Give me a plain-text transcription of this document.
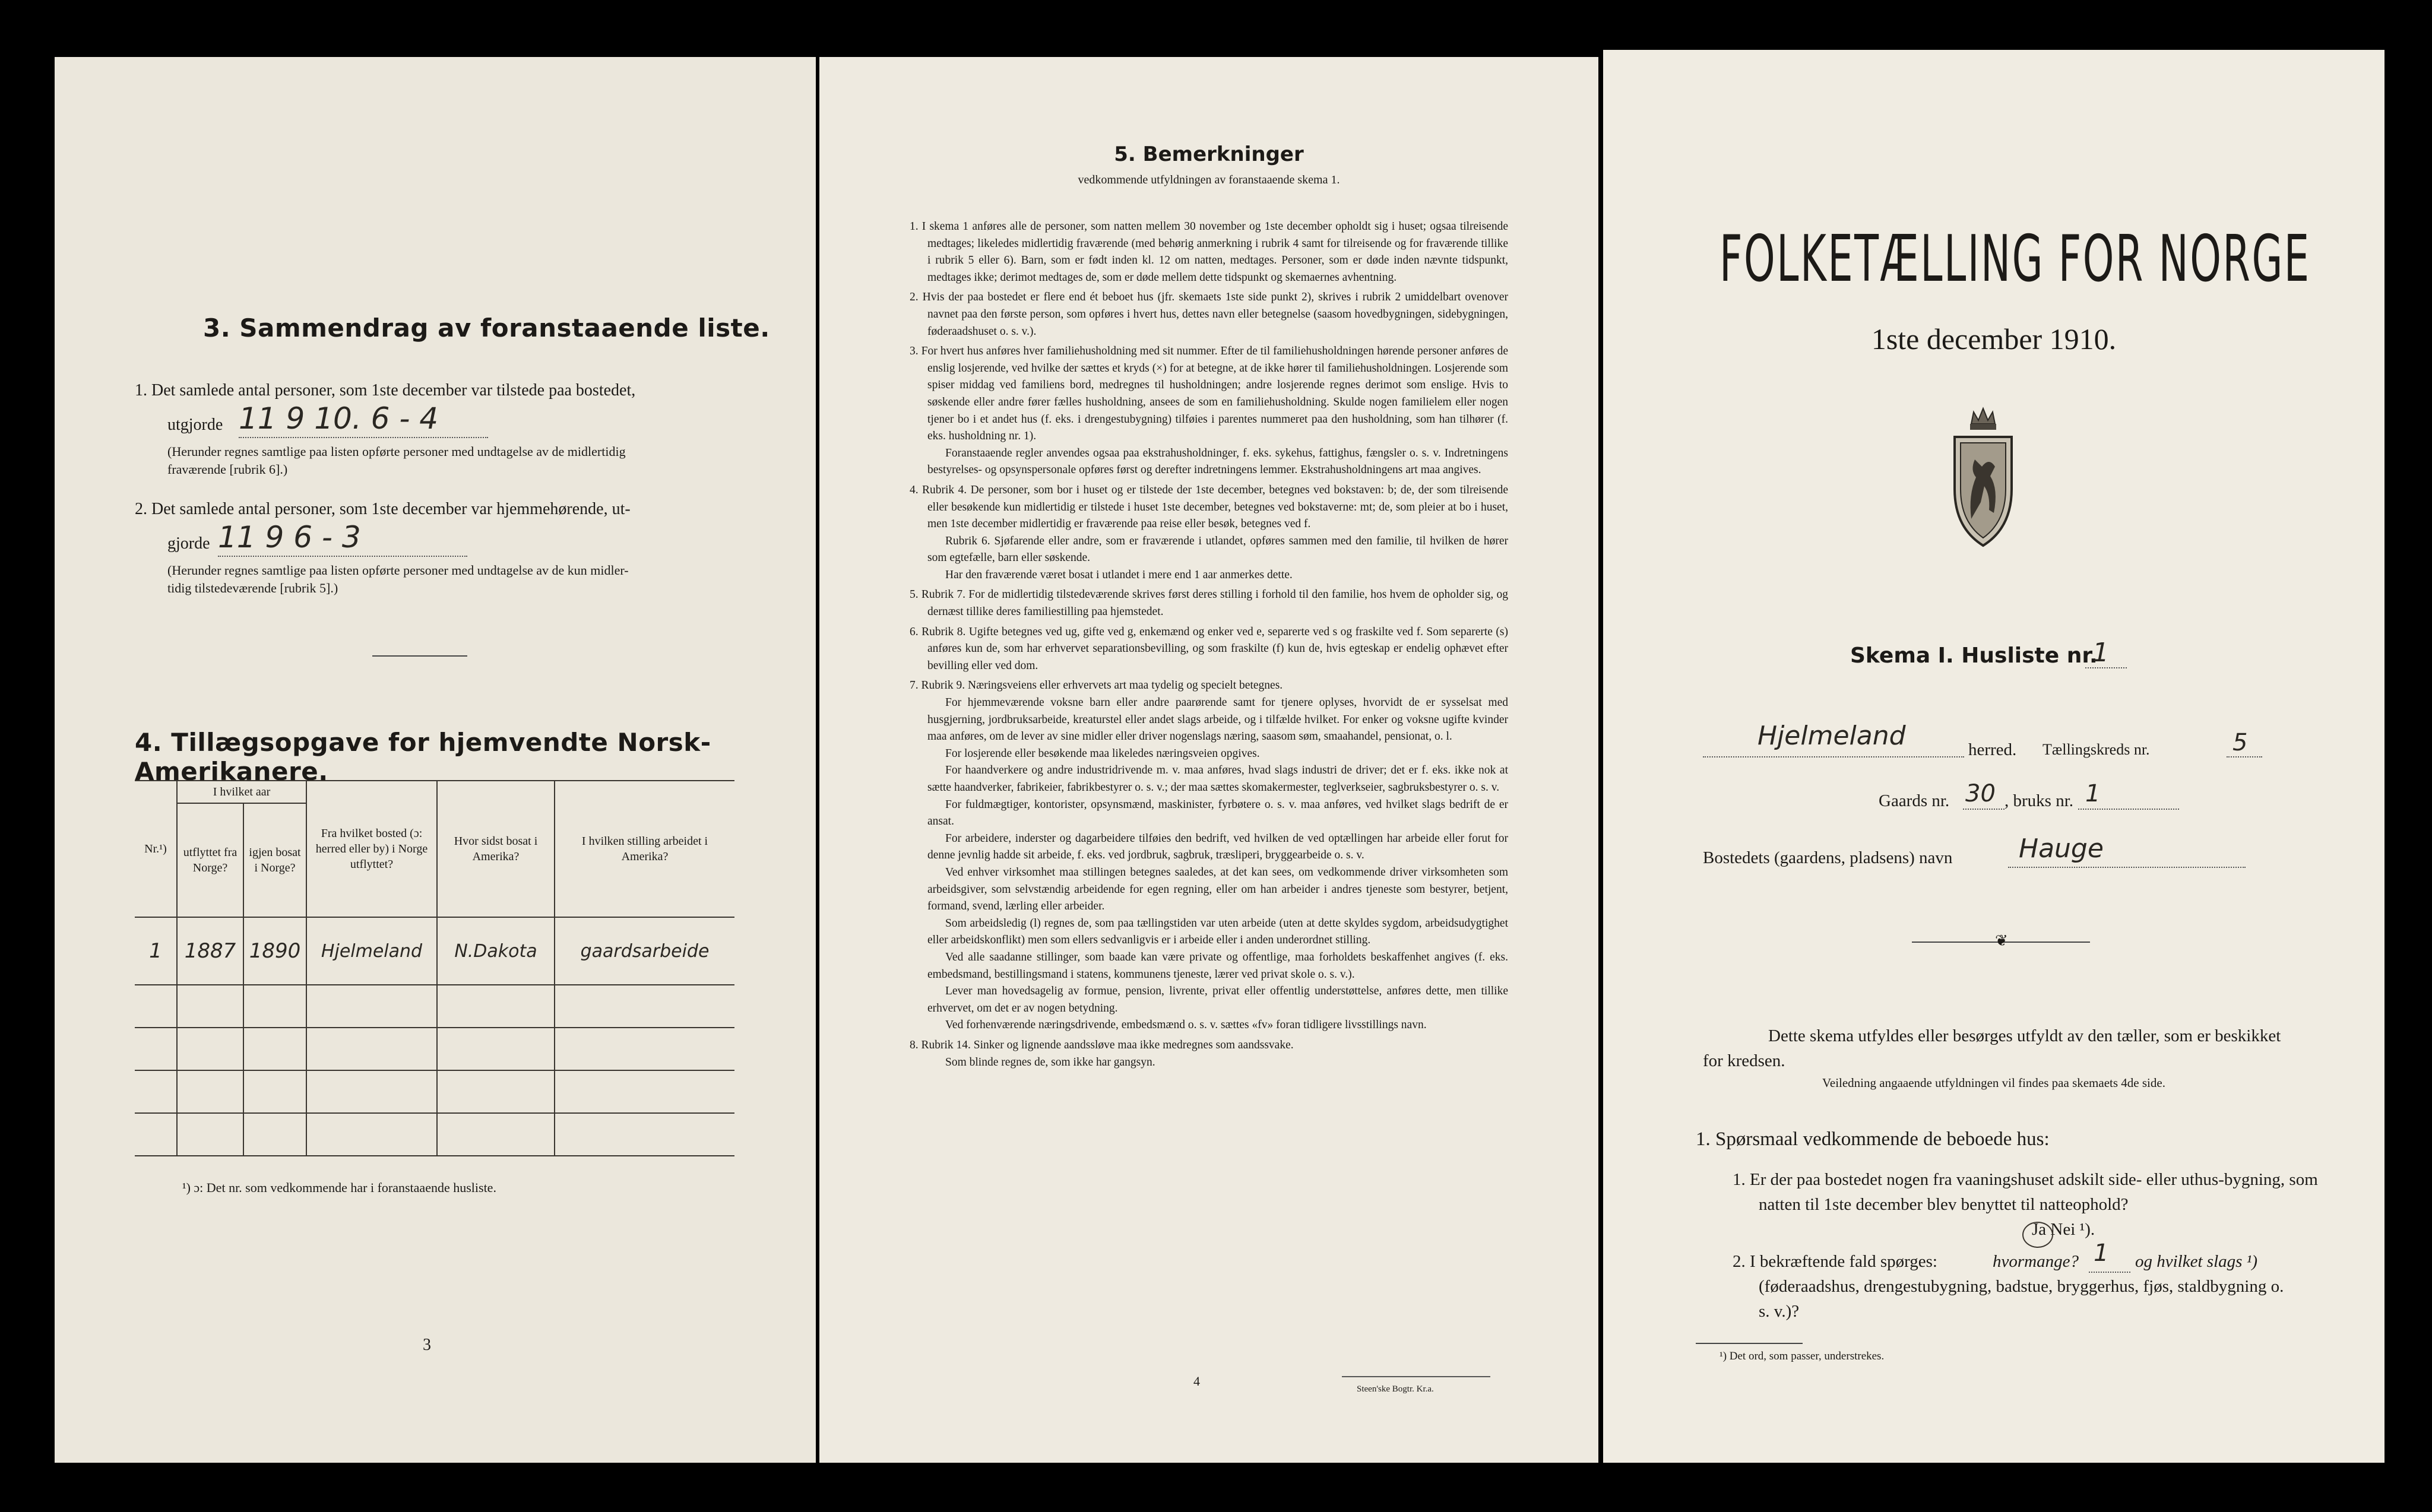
3. Sammendrag av foranstaaende liste.
1. Det samlede antal personer, som 1ste december var tilstede paa bostedet,
utgjorde 11 9 10. 6 - 4
(Herunder regnes samtlige paa listen opførte personer med undtagelse av de midlertidig
fraværende [rubrik 6].)
2. Det samlede antal personer, som 1ste december var hjemmehørende, ut-
gjorde 11 9 6 - 3
(Herunder regnes samtlige paa listen opførte personer med undtagelse av de kun midler-
tidig tilstedeværende [rubrik 5].)
4. Tillægsopgave for hjemvendte Norsk-Amerikanere.
Nr.¹)	I hvilket aar		Fra hvilket bosted (ɔ: herred eller by) i Norge utflyttet?	Hvor sidst bosat i Amerika?	I hvilken stilling arbeidet i Amerika?
	utflyttet fra Norge?	igjen bosat i Norge?			
1	1887	1890	Hjelmeland	N.Dakota	gaardsarbeide

¹) ɔ: Det nr. som vedkommende har i foranstaaende husliste.
3
5. Bemerkninger
vedkommende utfyldningen av foranstaaende skema 1.

1. I skema 1 anføres alle de personer, som natten mellem 30 november og 1ste december opholdt sig i huset; ogsaa tilreisende medtages; likeledes midlertidig fraværende (med behørig anmerkning i rubrik 4 samt for tilreisende og for fraværende tillike i rubrik 5 eller 6). Barn, som er født inden kl. 12 om natten, medtages. Personer, som er døde inden nævnte tidspunkt, medtages ikke; derimot medtages de, som er døde mellem dette tidspunkt og skemaernes avhentning.

2. Hvis der paa bostedet er flere end ét beboet hus (jfr. skemaets 1ste side punkt 2), skrives i rubrik 2 umiddelbart ovenover navnet paa den første person, som opføres i hvert hus, dettes navn eller betegnelse (saasom hovedbygningen, sidebygningen, føderaadshuset o. s. v.).

3. For hvert hus anføres hver familiehusholdning med sit nummer. Efter de til familiehusholdningen hørende personer anføres de enslig losjerende, ved hvilke der sættes et kryds (×) for at betegne, at de ikke hører til familiehusholdningen. Losjerende som spiser middag ved familiens bord, medregnes til husholdningen; andre losjerende regnes derimot som enslige. Hvis to søskende eller andre fører fælles husholdning, ansees de som en familiehusholdning. Skulde nogen familielem eller nogen tjener bo i et andet hus (f. eks. i drengestubygning) tilføies i parentes nummeret paa den husholdning, som han tilhører (f. eks. husholdning nr. 1).

Foranstaaende regler anvendes ogsaa paa ekstrahusholdninger, f. eks. sykehus, fattighus, fængsler o. s. v. Indretningens bestyrelses- og opsynspersonale opføres først og derefter indretningens lemmer. Ekstrahusholdningens art maa angives.

4. Rubrik 4. De personer, som bor i huset og er tilstede der 1ste december, betegnes ved bokstaven: b; de, der som tilreisende eller besøkende kun midlertidig er tilstede i huset 1ste december, betegnes ved bokstaverne: mt; de, som pleier at bo i huset, men 1ste december midlertidig er fraværende paa reise eller besøk, betegnes ved f.

Rubrik 6. Sjøfarende eller andre, som er fraværende i utlandet, opføres sammen med den familie, til hvilken de hører som egtefælle, barn eller søskende.

Har den fraværende været bosat i utlandet i mere end 1 aar anmerkes dette.

5. Rubrik 7. For de midlertidig tilstedeværende skrives først deres stilling i forhold til den familie, hos hvem de opholder sig, og dernæst tillike deres familiestilling paa hjemstedet.

6. Rubrik 8. Ugifte betegnes ved ug, gifte ved g, enkemænd og enker ved e, separerte ved s og fraskilte ved f. Som separerte (s) anføres kun de, som har erhvervet separationsbevilling, og som fraskilte (f) kun de, hvis egteskap er endelig ophævet efter bevilling eller ved dom.

7. Rubrik 9. Næringsveiens eller erhvervets art maa tydelig og specielt betegnes.

For hjemmeværende voksne barn eller andre paarørende samt for tjenere oplyses, hvorvidt de er sysselsat med husgjerning, jordbruksarbeide, kreaturstel eller andet slags arbeide, og i tilfælde hvilket. For enker og voksne ugifte kvinder maa anføres, om de lever av sine midler eller driver nogenslags næring, saasom søm, smaahandel, pensionat, o. l.

For losjerende eller besøkende maa likeledes næringsveien opgives.

For haandverkere og andre industridrivende m. v. maa anføres, hvad slags industri de driver; det er f. eks. ikke nok at sætte haandverker, fabrikeier, fabrikbestyrer o. s. v.; der maa sættes skomakermester, teglverkseier, sagbruksbestyrer o. s. v.

For fuldmægtiger, kontorister, opsynsmænd, maskinister, fyrbøtere o. s. v. maa anføres, ved hvilket slags bedrift de er ansat.

For arbeidere, inderster og dagarbeidere tilføies den bedrift, ved hvilken de ved optællingen har arbeide eller forut for denne jevnlig hadde sit arbeide, f. eks. ved jordbruk, sagbruk, træsliperi, bryggearbeide o. s. v.

Ved enhver virksomhet maa stillingen betegnes saaledes, at det kan sees, om vedkommende driver virksomheten som arbeidsgiver, som selvstændig arbeidende for egen regning, eller om han arbeider i andres tjeneste som bestyrer, betjent, formand, svend, lærling eller arbeider.

Som arbeidsledig (l) regnes de, som paa tællingstiden var uten arbeide (uten at dette skyldes sygdom, arbeidsudygtighet eller arbeidskonflikt) men som ellers sedvanligvis er i arbeide eller i anden underordnet stilling.

Ved alle saadanne stillinger, som baade kan være private og offentlige, maa forholdets beskaffenhet angives (f. eks. embedsmand, bestillingsmand i statens, kommunens tjeneste, lærer ved privat skole o. s. v.).

Lever man hovedsagelig av formue, pension, livrente, privat eller offentlig understøttelse, anføres dette, men tillike erhvervet, om det er av nogen betydning.

Ved forhenværende næringsdrivende, embedsmænd o. s. v. sættes «fv» foran tidligere livsstillings navn.

8. Rubrik 14. Sinker og lignende aandssløve maa ikke medregnes som aandssvake.

Som blinde regnes de, som ikke har gangsyn.

4
Steen'ske Bogtr. Kr.a.
FOLKETÆLLING FOR NORGE
1ste december 1910.
Skema I. Husliste nr.
1
Hjelmeland	herred. Tællingskreds nr.	5
Gaards nr. 30 , bruks nr. 1
Bostedets (gaardens, pladsens) navn	Hauge
❦
Dette skema utfyldes eller besørges utfyldt av den tæller, som er beskikket for kredsen.
Veiledning angaaende utfyldningen vil findes paa skemaets 4de side.
1. Spørsmaal vedkommende de beboede hus:
1. Er der paa bostedet nogen fra vaaningshuset adskilt side- eller uthus-bygning, som natten til 1ste december blev benyttet til natteophold?
Ja Nei ¹).
2. I bekræftende fald spørges:	hvormange? 1 og hvilket slags ¹)
(føderaadshus, drengestubygning, badstue, bryggerhus, fjøs, staldbygning o. s. v.)?
¹) Det ord, som passer, understrekes.
